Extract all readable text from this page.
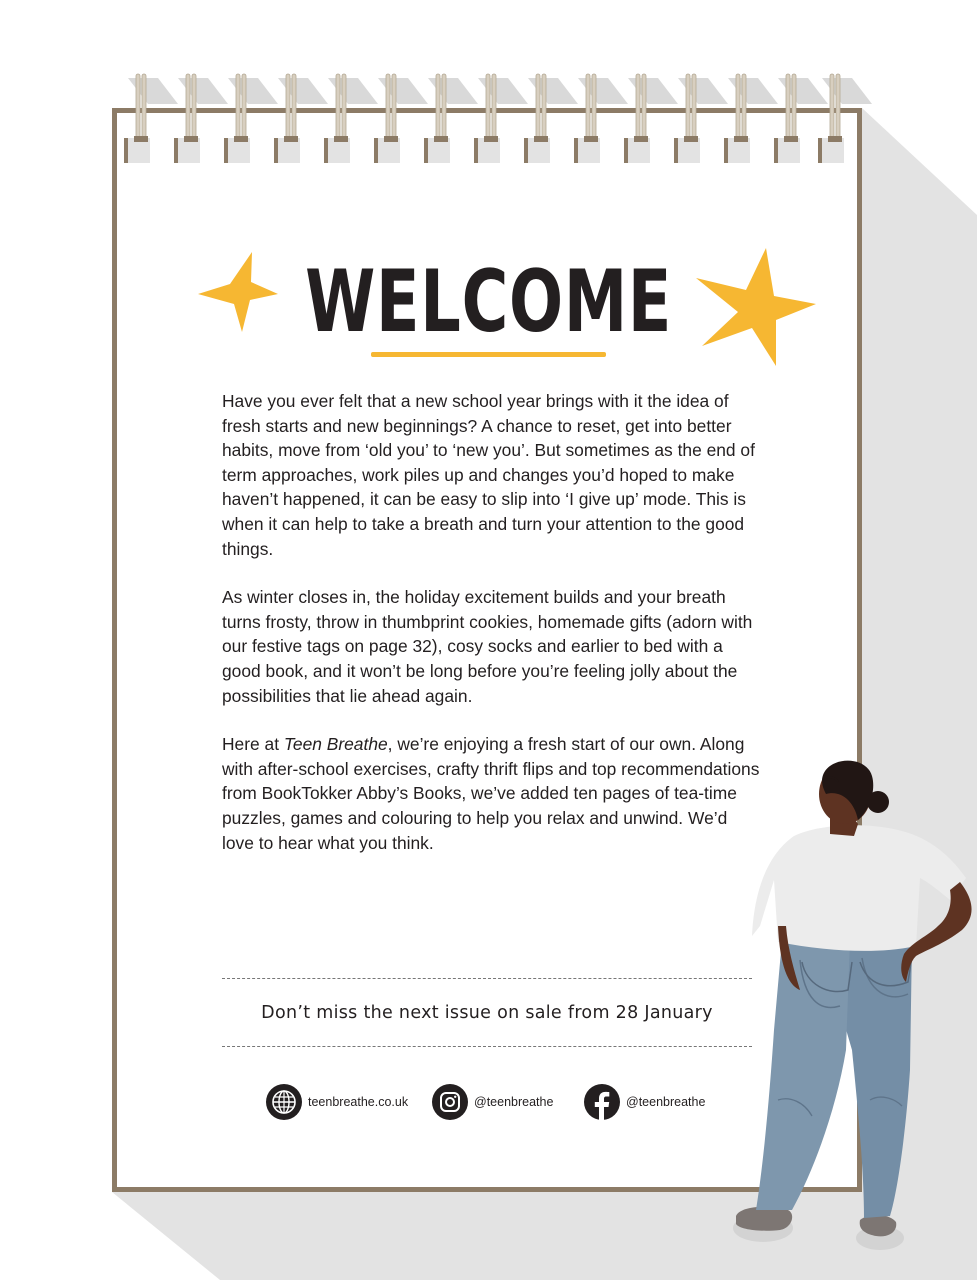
WELCOME

Have you ever felt that a new school year brings with it the idea of fresh starts and new beginnings? A chance to reset, get into better habits, move from ‘old you’ to ‘new you’. But sometimes as the end of term approaches, work piles up and changes you’d hoped to make haven’t happened, it can be easy to slip into ‘I give up’ mode. This is when it can help to take a breath and turn your attention to the good things.

As winter closes in, the holiday excitement builds and your breath turns frosty, throw in thumbprint cookies, homemade gifts (adorn with our festive tags on page 32), cosy socks and earlier to bed with a good book, and it won’t be long before you’re feeling jolly about the possibilities that lie ahead again.

Here at Teen Breathe, we’re enjoying a fresh start of our own. Along with after-school exercises, crafty thrift flips and top recommendations from BookTokker Abby’s Books, we’ve added ten pages of tea-time puzzles, games and colouring to help you relax and unwind. We’d love to hear what you think.

Don’t miss the next issue on sale from 28 January
teenbreathe.co.uk	@teenbreathe	@teenbreathe
